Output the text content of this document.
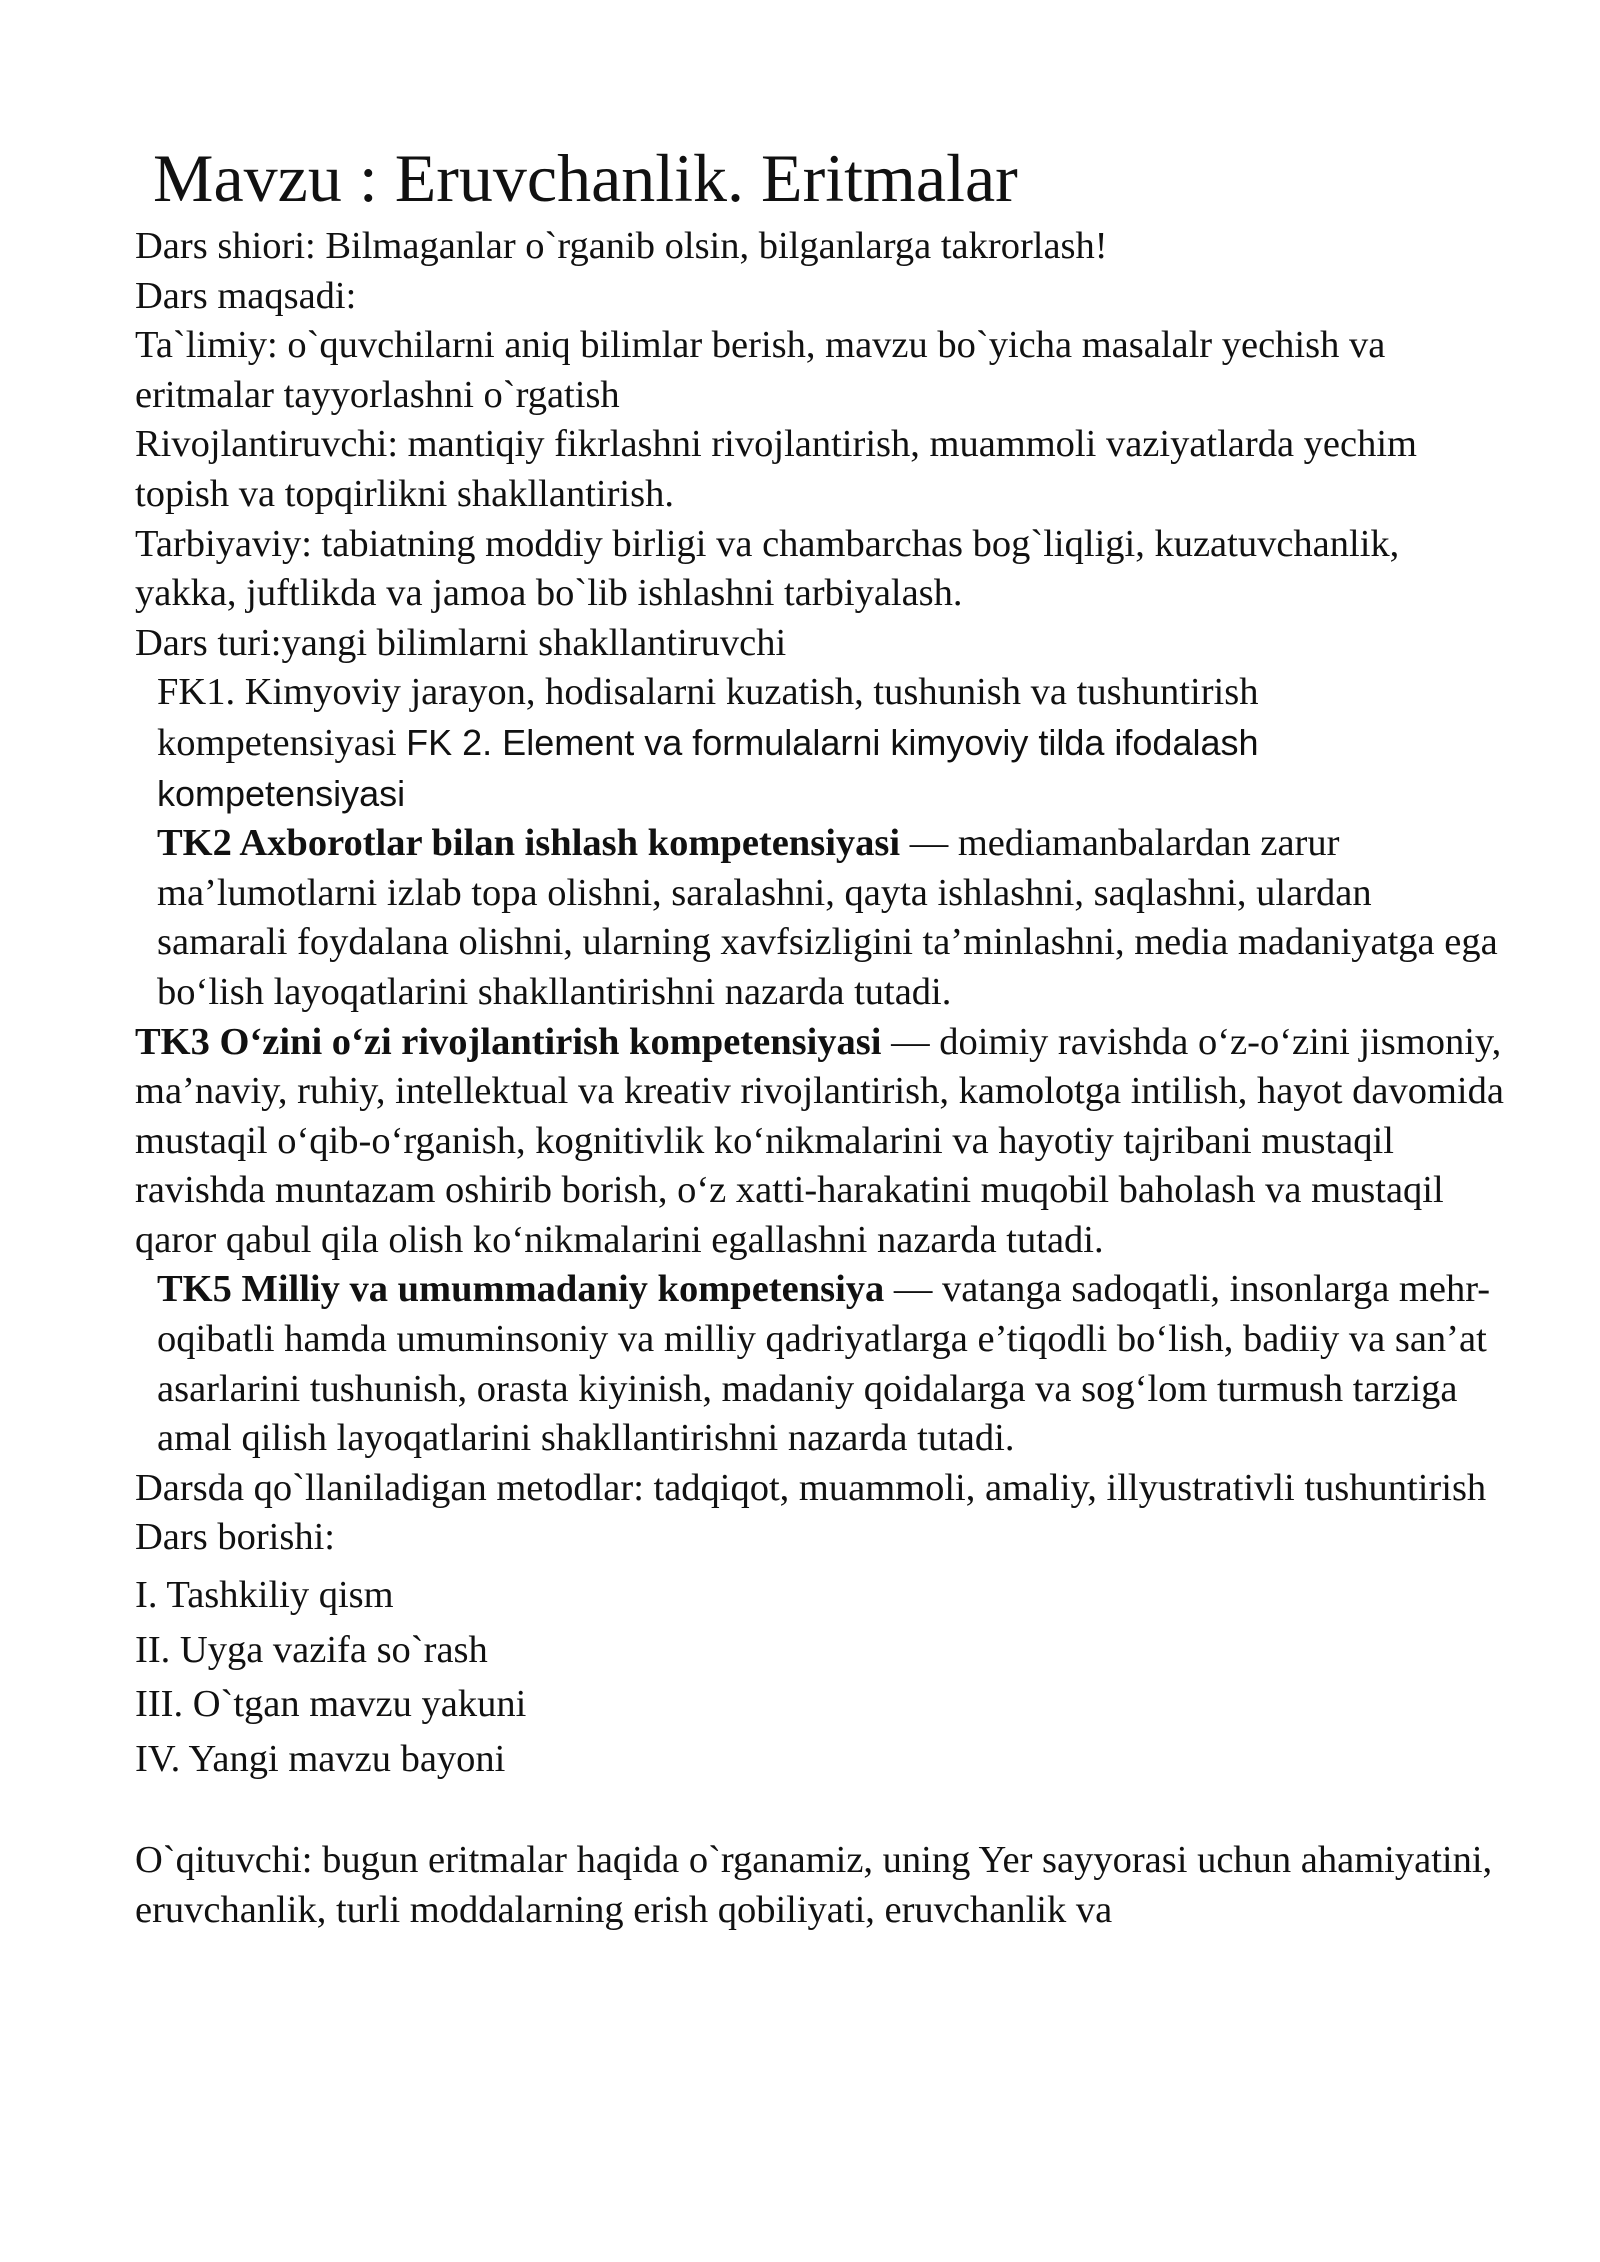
Mavzu : Eruvchanlik. Eritmalar

Dars shiori: Bilmaganlar o`rganib olsin, bilganlarga takrorlash!

Dars maqsadi:

Ta`limiy: o`quvchilarni aniq bilimlar berish, mavzu bo`yicha masalalr yechish va eritmalar tayyorlashni o`rgatish

Rivojlantiruvchi: mantiqiy fikrlashni rivojlantirish, muammoli vaziyatlarda yechim topish va topqirlikni shakllantirish.

Tarbiyaviy: tabiatning moddiy birligi va chambarchas bog`liqligi, kuzatuvchanlik, yakka, juftlikda va jamoa bo`lib ishlashni tarbiyalash.

Dars turi:yangi bilimlarni shakllantiruvchi

FK1. Kimyoviy jarayon, hodisalarni kuzatish, tushunish va tushuntirish kompetensiyasi FK 2. Element va formulalarni kimyoviy tilda ifodalash kompetensiyasi

TK2 Axborotlar bilan ishlash kompetensiyasi — mediamanbalardan zarur ma’lumotlarni izlab topa olishni, saralashni, qayta ishlashni, saqlashni, ulardan samarali foydalana olishni, ularning xavfsizligini ta’minlashni, media madaniyatga ega bo‘lish layoqatlarini shakllantirishni nazarda tutadi.

TK3 O‘zini o‘zi rivojlantirish kompetensiyasi — doimiy ravishda o‘z-o‘zini jismoniy, ma’naviy, ruhiy, intellektual va kreativ rivojlantirish, kamolotga intilish, hayot davomida mustaqil o‘qib-o‘rganish, kognitivlik ko‘nikmalarini va hayotiy tajribani mustaqil ravishda muntazam oshirib borish, o‘z xatti-harakatini muqobil baholash va mustaqil qaror qabul qila olish ko‘nikmalarini egallashni nazarda tutadi.

TK5 Milliy va umummadaniy kompetensiya — vatanga sadoqatli, insonlarga mehr-oqibatli hamda umuminsoniy va milliy qadriyatlarga e’tiqodli bo‘lish, badiiy va san’at asarlarini tushunish, orasta kiyinish, madaniy qoidalarga va sog‘lom turmush tarziga amal qilish layoqatlarini shakllantirishni nazarda tutadi.

Darsda qo`llaniladigan metodlar: tadqiqot, muammoli, amaliy, illyustrativli tushuntirish

Dars borishi:

I. Tashkiliy qism

II. Uyga vazifa so`rash

III. O`tgan mavzu yakuni

IV. Yangi mavzu bayoni

O`qituvchi: bugun eritmalar haqida o`rganamiz, uning Yer sayyorasi uchun ahamiyatini, eruvchanlik, turli moddalarning erish qobiliyati, eruvchanlik va
